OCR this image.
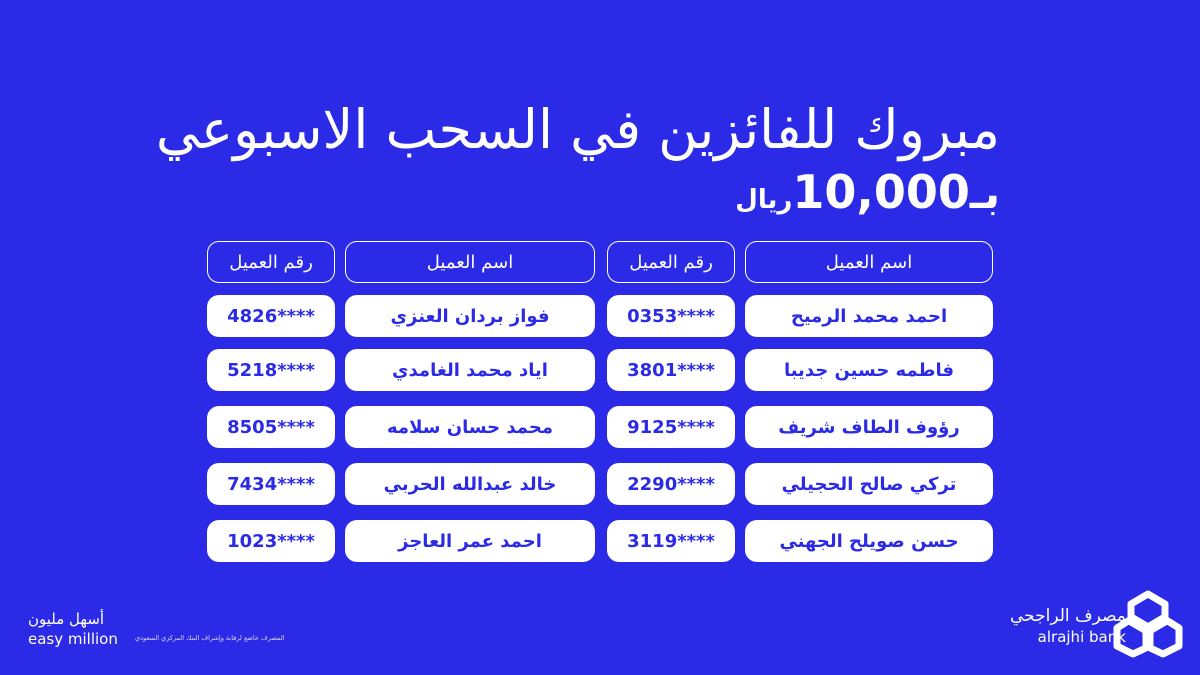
مبروك للفائزين في السحب الاسبوعي
بـ10,000ريال
اسم العميل
رقم العميل
اسم العميل
رقم العميل
احمد محمد الرميح
0353****
فواز بردان العنزي
4826****
فاطمه حسين جديبا
3801****
اياد محمد الغامدي
5218****
رؤوف الطاف شريف
9125****
محمد حسان سلامه
8505****
تركي صالح الحجيلي
2290****
خالد عبدالله الحربي
7434****
حسن صويلح الجهني
3119****
احمد عمر العاجز
1023****
أسهل مليون
easy million	المصرف خاضع لرقابة وإشراف البنك المركزي السعودي
مصرف الراجحي
alrajhi bank
